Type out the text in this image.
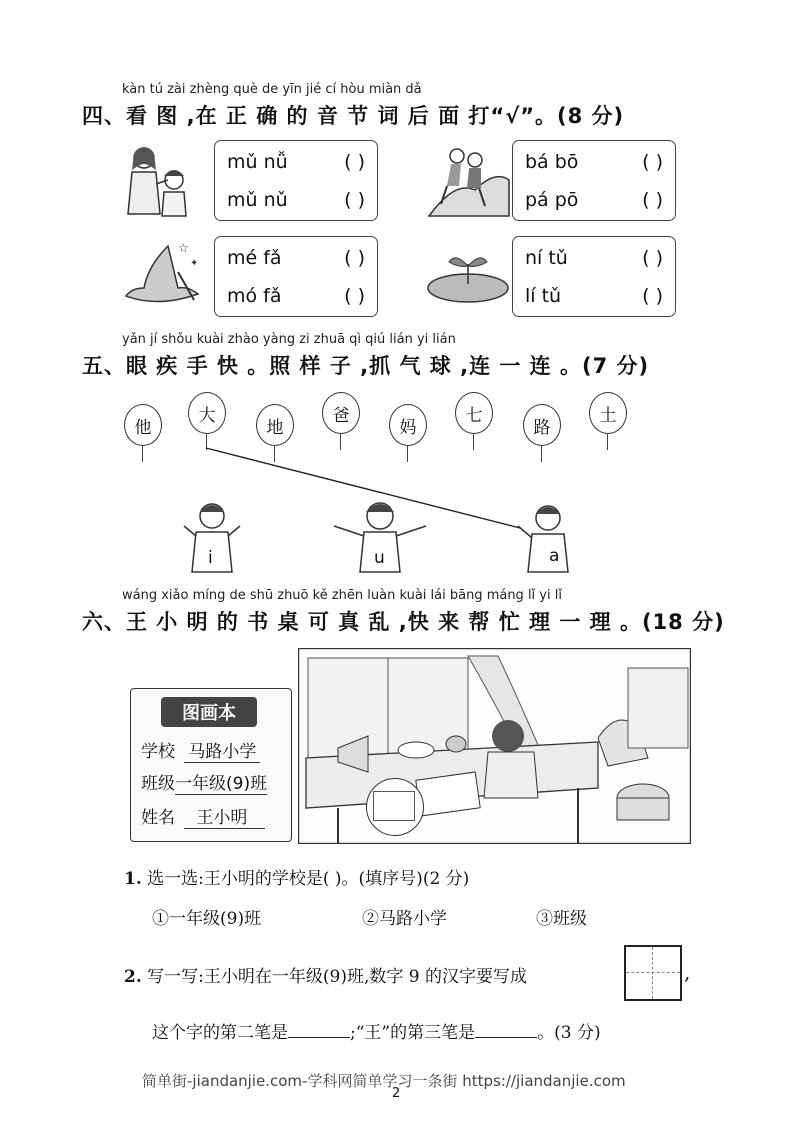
kàn tú zài zhèng què de yīn jié cí hòu miàn dǎ
四、看 图 ,在 正 确 的 音 节 词 后 面 打“√”。(8 分)
mǔ nǚ	( )
mǔ nǔ	( )
bá bō	( )
pá pō	( )
☆
✦ mé fǎ	( )
mó fǎ	( )
ní tǔ	( )
lí tǔ	( )
yǎn jí shǒu kuài zhào yàng zi zhuā qì qiú lián yi lián
五、眼 疾 手 快 。照 样 子 ,抓 气 球 ,连 一 连 。(7 分)
他
大
地
爸
妈
七
路
土
i	u	a
wáng xiǎo míng de shū zhuō kě zhēn luàn kuài lái bāng máng lǐ yi lǐ
六、王 小 明 的 书 桌 可 真 乱 ,快 来 帮 忙 理 一 理 。(18 分)
图画本
学校 马路小学
班级一年级(9)班
姓名 王小明
1. 选一选:王小明的学校是( )。(填序号)(2 分)
①一年级(9)班	②马路小学	③班级
2. 写一写:王小明在一年级(9)班,数字 9 的汉字要写成	,
这个字的第二笔是	;“王”的第三笔是	。(3 分)
简单街-jiandanjie.com-学科网简单学习一条街 https://jiandanjie.com
2
